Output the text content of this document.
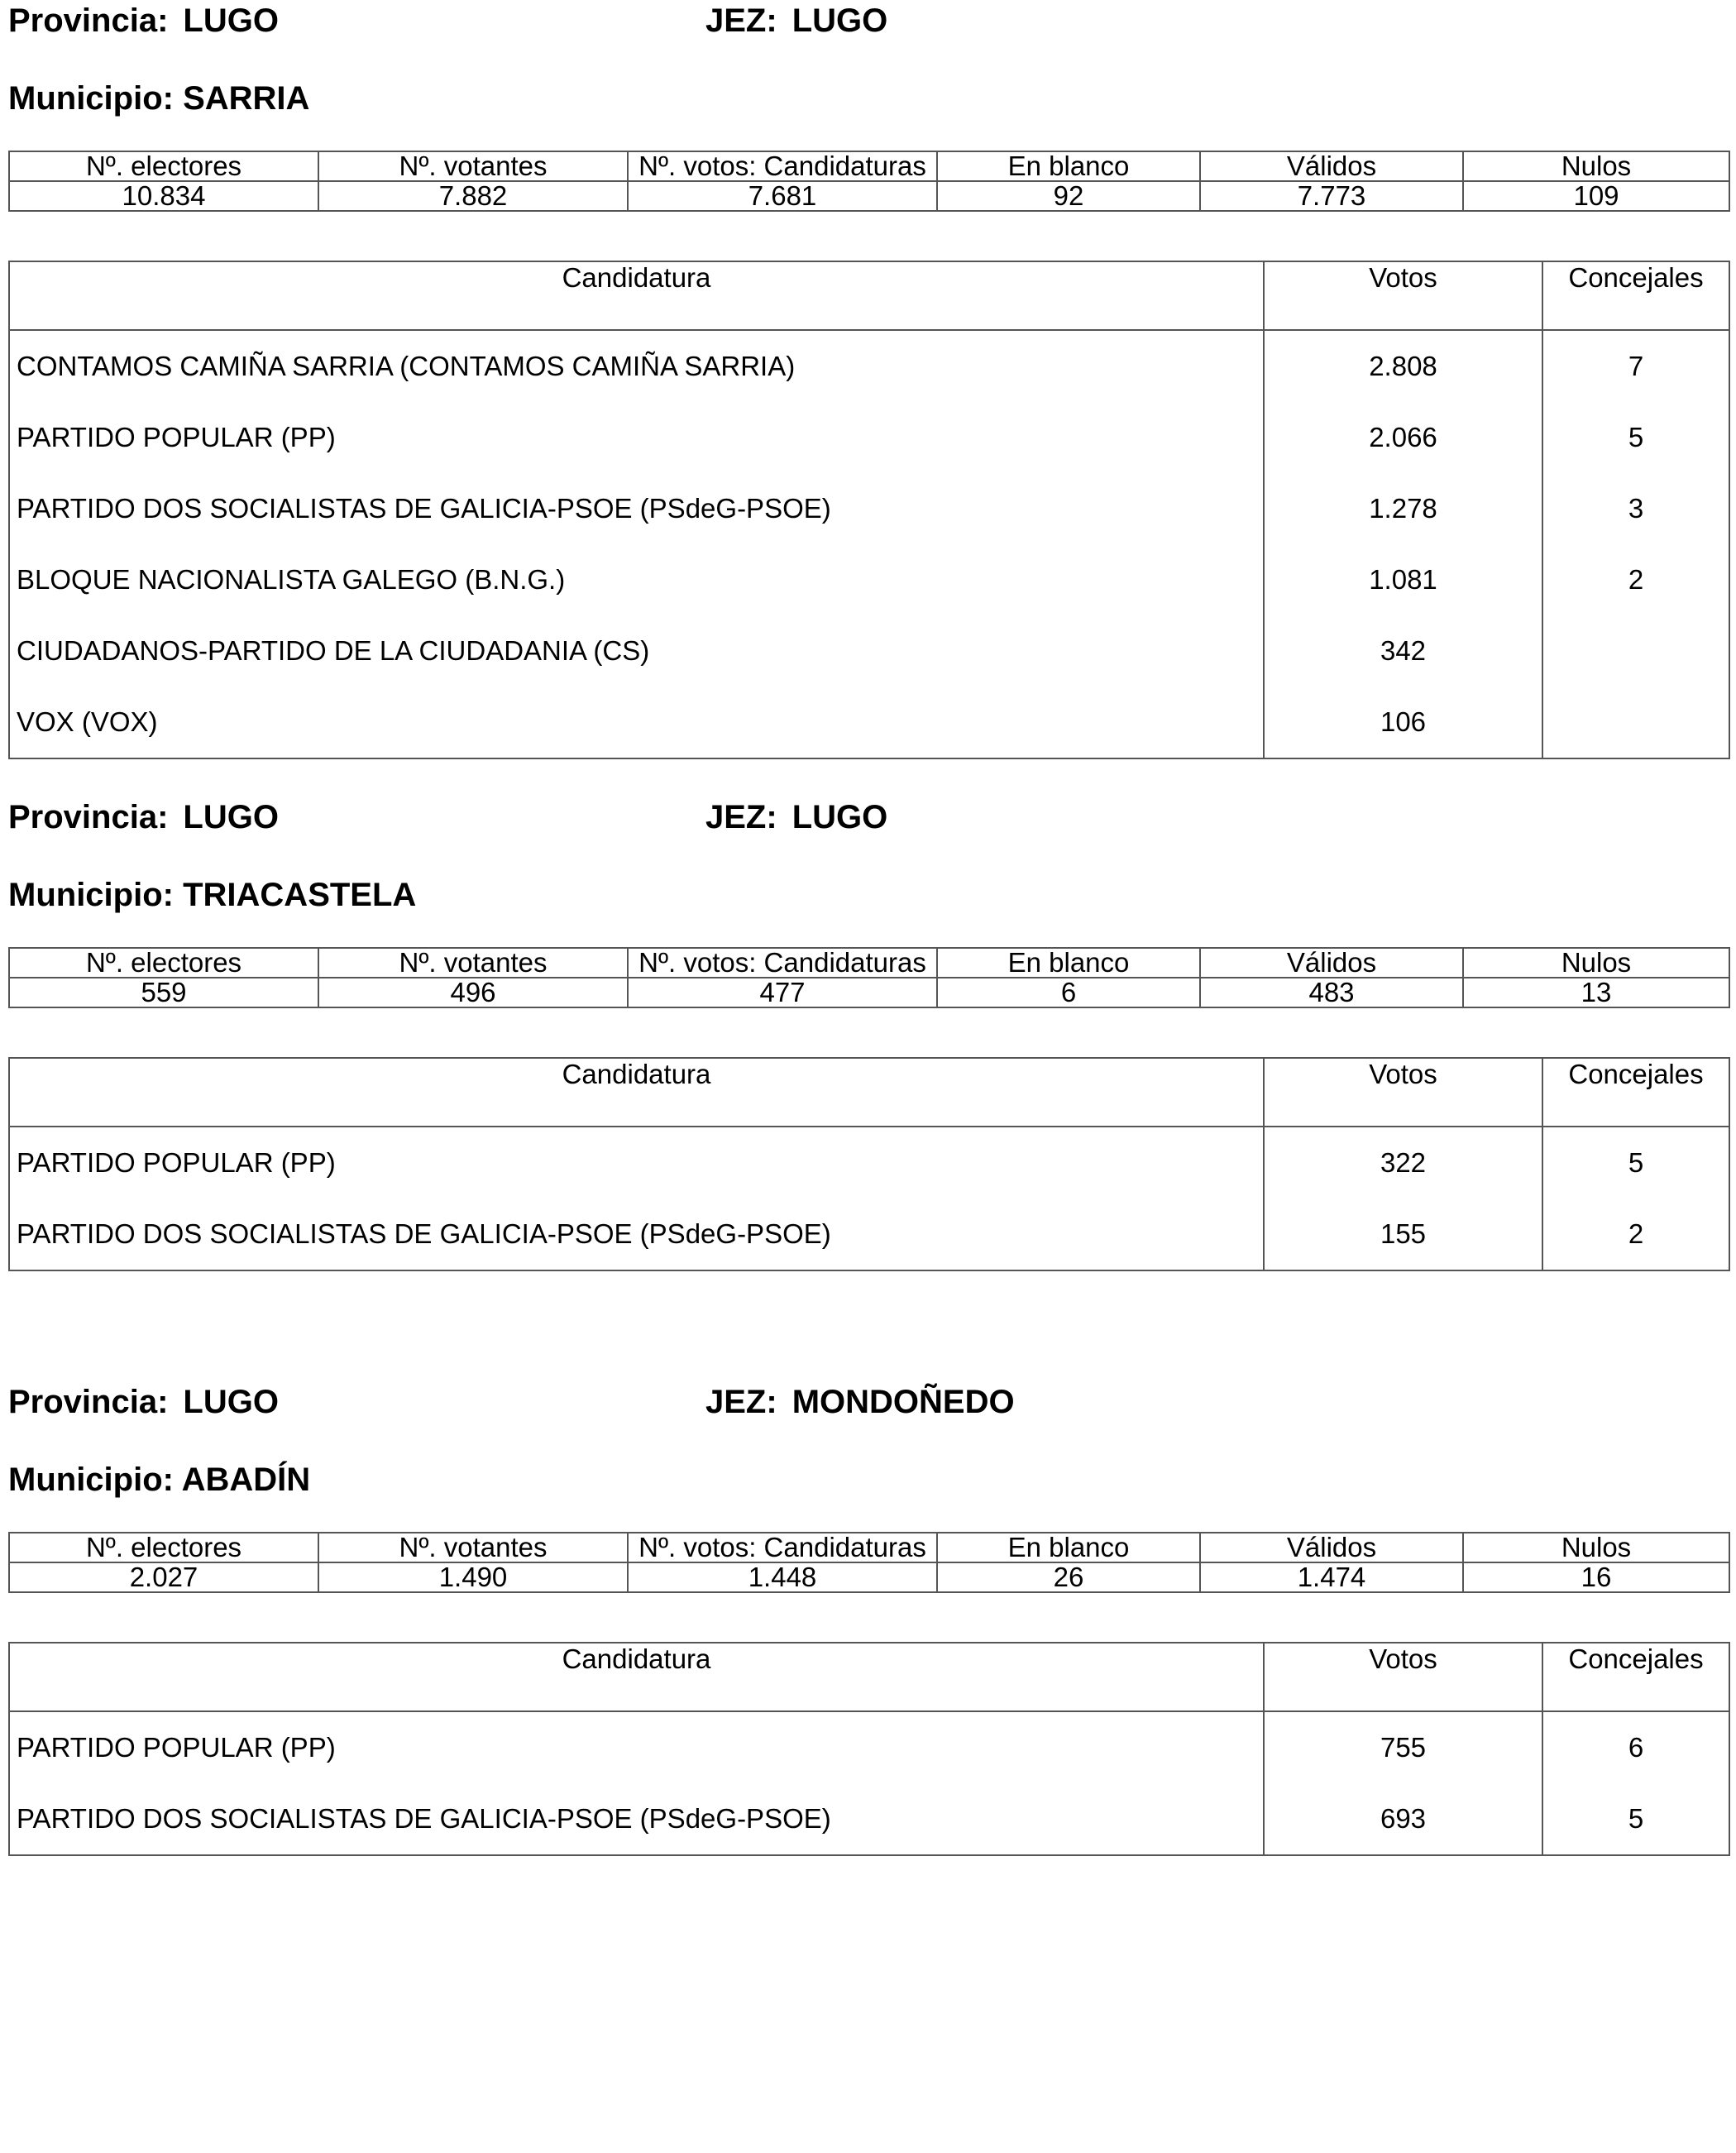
Provincia: LUGO	JEZ: LUGO
Municipio: SARRIA
Nº. electores	Nº. votantes	Nº. votos: Candidaturas	En blanco	Válidos	Nulos
10.834	7.882	7.681	92	7.773	109
Candidatura	Votos	Concejales
CONTAMOS CAMIÑA SARRIA (CONTAMOS CAMIÑA SARRIA)	2.808	7
PARTIDO POPULAR (PP)	2.066	5
PARTIDO DOS SOCIALISTAS DE GALICIA-PSOE (PSdeG-PSOE)	1.278	3
BLOQUE NACIONALISTA GALEGO (B.N.G.)	1.081	2
CIUDADANOS-PARTIDO DE LA CIUDADANIA (CS)	342	
VOX (VOX)	106	
Provincia: LUGO	JEZ: LUGO
Municipio: TRIACASTELA
Nº. electores	Nº. votantes	Nº. votos: Candidaturas	En blanco	Válidos	Nulos
559	496	477	6	483	13
Candidatura	Votos	Concejales
PARTIDO POPULAR (PP)	322	5
PARTIDO DOS SOCIALISTAS DE GALICIA-PSOE (PSdeG-PSOE)	155	2
Provincia: LUGO	JEZ: MONDOÑEDO
Municipio: ABADÍN
Nº. electores	Nº. votantes	Nº. votos: Candidaturas	En blanco	Válidos	Nulos
2.027	1.490	1.448	26	1.474	16
Candidatura	Votos	Concejales
PARTIDO POPULAR (PP)	755	6
PARTIDO DOS SOCIALISTAS DE GALICIA-PSOE (PSdeG-PSOE)	693	5
